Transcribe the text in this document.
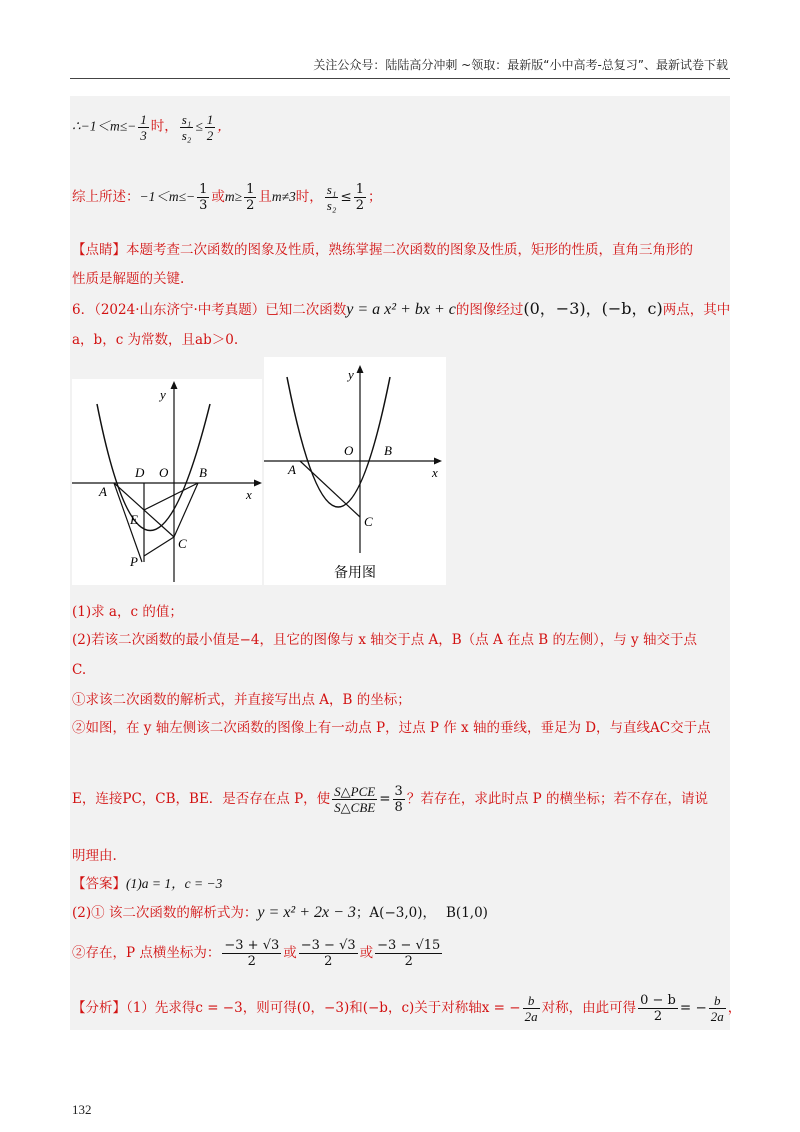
关注公众号：陆陆高分冲刺 ~领取：最新版“小中高考-总复习”、最新试卷下载
∴−1＜m≤− $\frac{1}{3}$ 时， $\frac{\text{s₁}}{\text{s₂}} \le \frac{1}{2}$ ，
综上所述：$-1<m\le- \frac{1}{3}$ 或$m\ge \frac{1}{2}$ 且m≠3时， $\frac{\text{s₁}}{\text{s₂}} \le \frac{1}{2}$ ；
【点睛】本题考查二次函数的图象及性质，熟练掌握二次函数的图象及性质，矩形的性质，直角三角形的
性质是解题的关键.
6．（2024·山东济宁·中考真题）已知二次函数y = a x² + bx + c的图像经过(0，−3)，(−b，c)两点，其中
a，b，c 为常数，且ab＞0.
y
x
D O B
A
E
C
P
y
x
O B
A
C
备用图
(1)求 a，c 的值；
(2)若该二次函数的最小值是−4，且它的图像与 x 轴交于点 A，B（点 A 在点 B 的左侧），与 y 轴交于点
C.
①求该二次函数的解析式，并直接写出点 A，B 的坐标；
②如图，在 y 轴左侧该二次函数的图像上有一动点 P，过点 P 作 x 轴的垂线，垂足为 D，与直线AC交于点
E，连接PC，CB，BE．是否存在点 P，使 $\frac{\text{S△PCE}}{\text{S△CBE}} = \frac{3}{8}$ ？若存在，求此时点 P 的横坐标；若不存在，请说
明理由.
【答案】(1)a = 1，c = −3
(2)① 该二次函数的解析式为：y = x² + 2x − 3；A(−3,0)， B(1,0)
②存在，P 点横坐标为： $\frac{-3 + √3}{2}$ 或 $\frac{-3 - √3}{2}$ 或 $\frac{-3 - √15}{2}$
【分析】（1）先求得c = −3，则可得(0，−3)和(−b，c)关于对称轴x = − $\frac{b}{2a}$ 对称，由此可得 $\frac{0 - b}{2}$ = − $\frac{b}{2a}$ ，
132
